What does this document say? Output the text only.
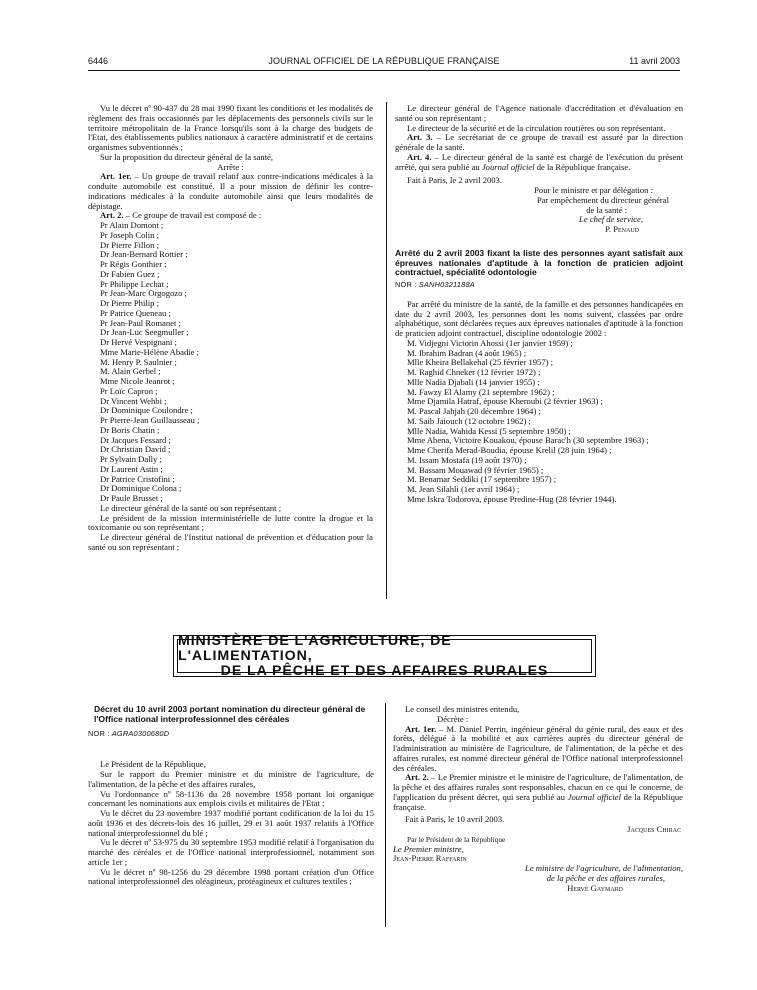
6446	JOURNAL OFFICIEL DE LA RÉPUBLIQUE FRANÇAISE	11 avril 2003

Vu le décret nº 90-437 du 28 mai 1990 fixant les conditions et les modalités de règlement des frais occasionnés par les déplacements des personnels civils sur le territoire métropolitain de la France lorsqu'ils sont à la charge des budgets de l'Etat, des établissements publics nationaux à caractère administratif et de certains organismes subventionnés ;

Sur la proposition du directeur général de la santé,

Arrête :

Art. 1er. – Un groupe de travail relatif aux contre-indications médicales à la conduite automobile est constitué. Il a pour mission de définir les contre-indications médicales à la conduite automobile ainsi que leurs modalités de dépistage.

Art. 2. – Ce groupe de travail est composé de :

Pr Alain Domont ;

Pr Joseph Colin ;

Dr Pierre Fillon ;

Dr Jean-Bernard Rottier ;

Pr Régis Gonthier ;

Dr Fabien Guez ;

Pr Philippe Lechat ;

Pr Jean-Marc Orgogozo ;

Dr Pierre Philip ;

Pr Patrice Queneau ;

Pr Jean-Paul Romanet ;

Dr Jean-Luc Seegmuller ;

Dr Hervé Vespignani ;

Mme Marie-Hélène Abadie ;

M. Henry P. Saulnier ;

M. Alain Gerbel ;

Mme Nicole Jeanrot ;

Pr Loïc Capron ;

Dr Vincent Wehbi ;

Dr Dominique Coulondre ;

Pr Pierre-Jean Guillausseau ;

Dr Boris Chatin ;

Dr Jacques Fessard ;

Dr Christian David ;

Pr Sylvain Dally ;

Dr Laurent Astin ;

Dr Patrice Cristofini ;

Dr Dominique Colona ;

Dr Paule Brusset ;

Le directeur général de la santé ou son représentant ;

Le président de la mission interministérielle de lutte contre la drogue et la toxicomanie ou son représentant ;

Le directeur général de l'Institut national de prévention et d'éducation pour la santé ou son représentant ;

Le directeur général de l'Agence nationale d'accréditation et d'évaluation en santé ou son représentant ;

Le directeur de la sécurité et de la circulation routières ou son représentant.

Art. 3. – Le secrétariat de ce groupe de travail est assuré par la direction générale de la santé.

Art. 4. – Le directeur général de la santé est chargé de l'exécution du présent arrêté, qui sera publié au Journal officiel de la République française.

Fait à Paris, le 2 avril 2003.

Pour le ministre et par délégation :

Par empêchement du directeur général

de la santé :

Le chef de service,

P. Penaud

Arrêté du 2 avril 2003 fixant la liste des personnes ayant satisfait aux épreuves nationales d'aptitude à la fonction de praticien adjoint contractuel, spécialité odontologie

NOR : SANH0321188A

Par arrêté du ministre de la santé, de la famille et des personnes handicapées en date du 2 avril 2003, les personnes dont les noms suivent, classées par ordre alphabétique, sont déclarées reçues aux épreuves nationales d'aptitude à la fonction de praticien adjoint contractuel, discipline odontologie 2002 :

M. Vidjegni Victorin Ahossi (1er janvier 1959) ;

M. Ibrahim Badran (4 août 1965) ;

Mlle Kheira Bellakehal (25 février 1957) ;

M. Raghid Chneker (12 février 1972) ;

Mlle Nadia Djabali (14 janvier 1955) ;

M. Fawzy El Alamy (21 septembre 1962) ;

Mme Djamila Hatraf, épouse Kheroubi (2 février 1963) ;

M. Pascal Jahjah (20 décembre 1964) ;

M. Saib Jaiouch (12 octobre 1962) ;

Mlle Nadia, Wahida Kessi (5 septembre 1950) ;

Mme Abena, Victoire Kouakou, épouse Barac'h (30 septembre 1963) ;

Mme Cherifa Merad-Boudia, épouse Krelil (28 juin 1964) ;

M. Issam Mostafa (19 août 1970) ;

M. Bassam Mouawad (9 février 1965) ;

M. Benamar Seddiki (17 septembre 1957) ;

M. Jean Silahli (1er avril 1964) ;

Mme Iskra Todorova, épouse Predine-Hug (28 février 1944).

MINISTÈRE DE L'AGRICULTURE, DE L'ALIMENTATION,
DE LA PÊCHE ET DES AFFAIRES RURALES

Décret du 10 avril 2003 portant nomination du directeur général de l'Office national interprofessionnel des céréales

NOR : AGRA0300680D

Le Président de la République,

Sur le rapport du Premier ministre et du ministre de l'agriculture, de l'alimentation, de la pêche et des affaires rurales,

Vu l'ordonnance nº 58-1136 du 28 novembre 1958 portant loi organique concernant les nominations aux emplois civils et militaires de l'Etat ;

Vu le décret du 23 novembre 1937 modifié portant codification de la loi du 15 août 1936 et des décrets-lois des 16 juillet, 29 et 31 août 1937 relatifs à l'Office national interprofessionnel du blé ;

Vu le décret nº 53-975 du 30 septembre 1953 modifié relatif à l'organisation du marché des céréales et de l'Office national interprofessionnel, notamment son article 1er ;

Vu le décret nº 98-1256 du 29 décembre 1998 portant création d'un Office national interprofessionnel des oléagineux, protéagineux et cultures textiles ;

Le conseil des ministres entendu,

Décrète :

Art. 1er. – M. Daniel Perrin, ingénieur général du génie rural, des eaux et des forêts, délégué à la mobilité et aux carrières auprès du directeur général de l'administration au ministère de l'agriculture, de l'alimentation, de la pêche et des affaires rurales, est nommé directeur général de l'Office national interprofessionnel des céréales.

Art. 2. – Le Premier ministre et le ministre de l'agriculture, de l'alimentation, de la pêche et des affaires rurales sont responsables, chacun en ce qui le concerne, de l'application du présent décret, qui sera publié au Journal officiel de la République française.

Fait à Paris, le 10 avril 2003.

Jacques Chirac

Par le Président de la République

Le Premier ministre,

Jean-Pierre Raffarin

Le ministre de l'agriculture, de l'alimentation,

de la pêche et des affaires rurales,

Hervé Gaymard
